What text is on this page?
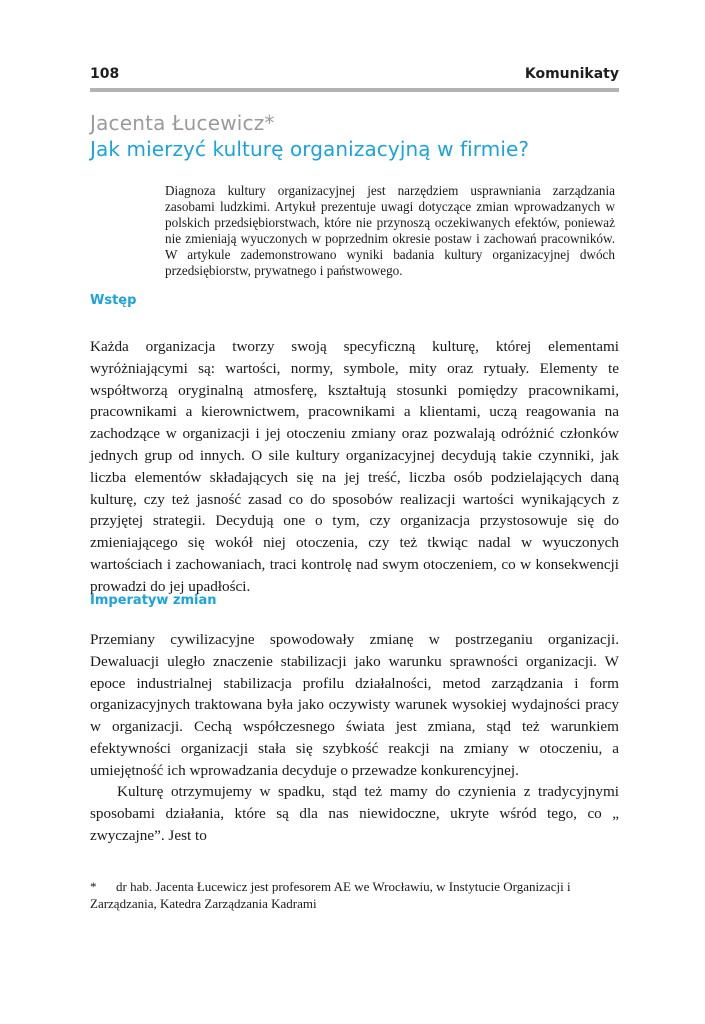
108	Komunikaty
Jacenta Łucewicz*
Jak mierzyć kulturę organizacyjną w firmie?

Diagnoza kultury organizacyjnej jest narzędziem usprawniania zarządzania zasobami ludzkimi. Artykuł prezentuje uwagi dotyczące zmian wprowadzanych w polskich przedsiębiorstwach, które nie przynoszą oczekiwanych efektów, ponieważ nie zmieniają wyuczonych w poprzednim okresie postaw i zachowań pracowników. W artykule zademonstrowano wyniki badania kultury organizacyjnej dwóch przedsiębiorstw, prywatnego i państwowego.

Wstęp

Każda organizacja tworzy swoją specyficzną kulturę, której elementami wyróżniającymi są: wartości, normy, symbole, mity oraz rytuały. Elementy te współtworzą oryginalną atmosferę, kształtują stosunki pomiędzy pracownikami, pracownikami a kierownictwem, pracownikami a klientami, uczą reagowania na zachodzące w organizacji i jej otoczeniu zmiany oraz pozwalają odróżnić członków jednych grup od innych. O sile kultury organizacyjnej decydują takie czynniki, jak liczba elementów składających się na jej treść, liczba osób podzielających daną kulturę, czy też jasność zasad co do sposobów realizacji wartości wynikających z przyjętej strategii. Decydują one o tym, czy organizacja przystosowuje się do zmieniającego się wokół niej otoczenia, czy też tkwiąc nadal w wyuczonych wartościach i zachowaniach, traci kontrolę nad swym otoczeniem, co w konsekwencji prowadzi do jej upadłości.

Imperatyw zmian

Przemiany cywilizacyjne spowodowały zmianę w postrzeganiu organizacji. Dewaluacji uległo znaczenie stabilizacji jako warunku sprawności organizacji. W epoce industrialnej stabilizacja profilu działalności, metod zarządzania i form organizacyjnych traktowana była jako oczywisty warunek wysokiej wydajności pracy w organizacji. Cechą współczesnego świata jest zmiana, stąd też warunkiem efektywności organizacji stała się szybkość reakcji na zmiany w otoczeniu, a umiejętność ich wprowadzania decyduje o przewadze konkurencyjnej.

Kulturę otrzymujemy w spadku, stąd też mamy do czynienia z tradycyjnymi sposobami działania, które są dla nas niewidoczne, ukryte wśród tego, co „ zwyczajne”. Jest to

* dr hab. Jacenta Łucewicz jest profesorem AE we Wrocławiu, w Instytucie Organizacji i Zarządzania, Katedra Zarządzania Kadrami
